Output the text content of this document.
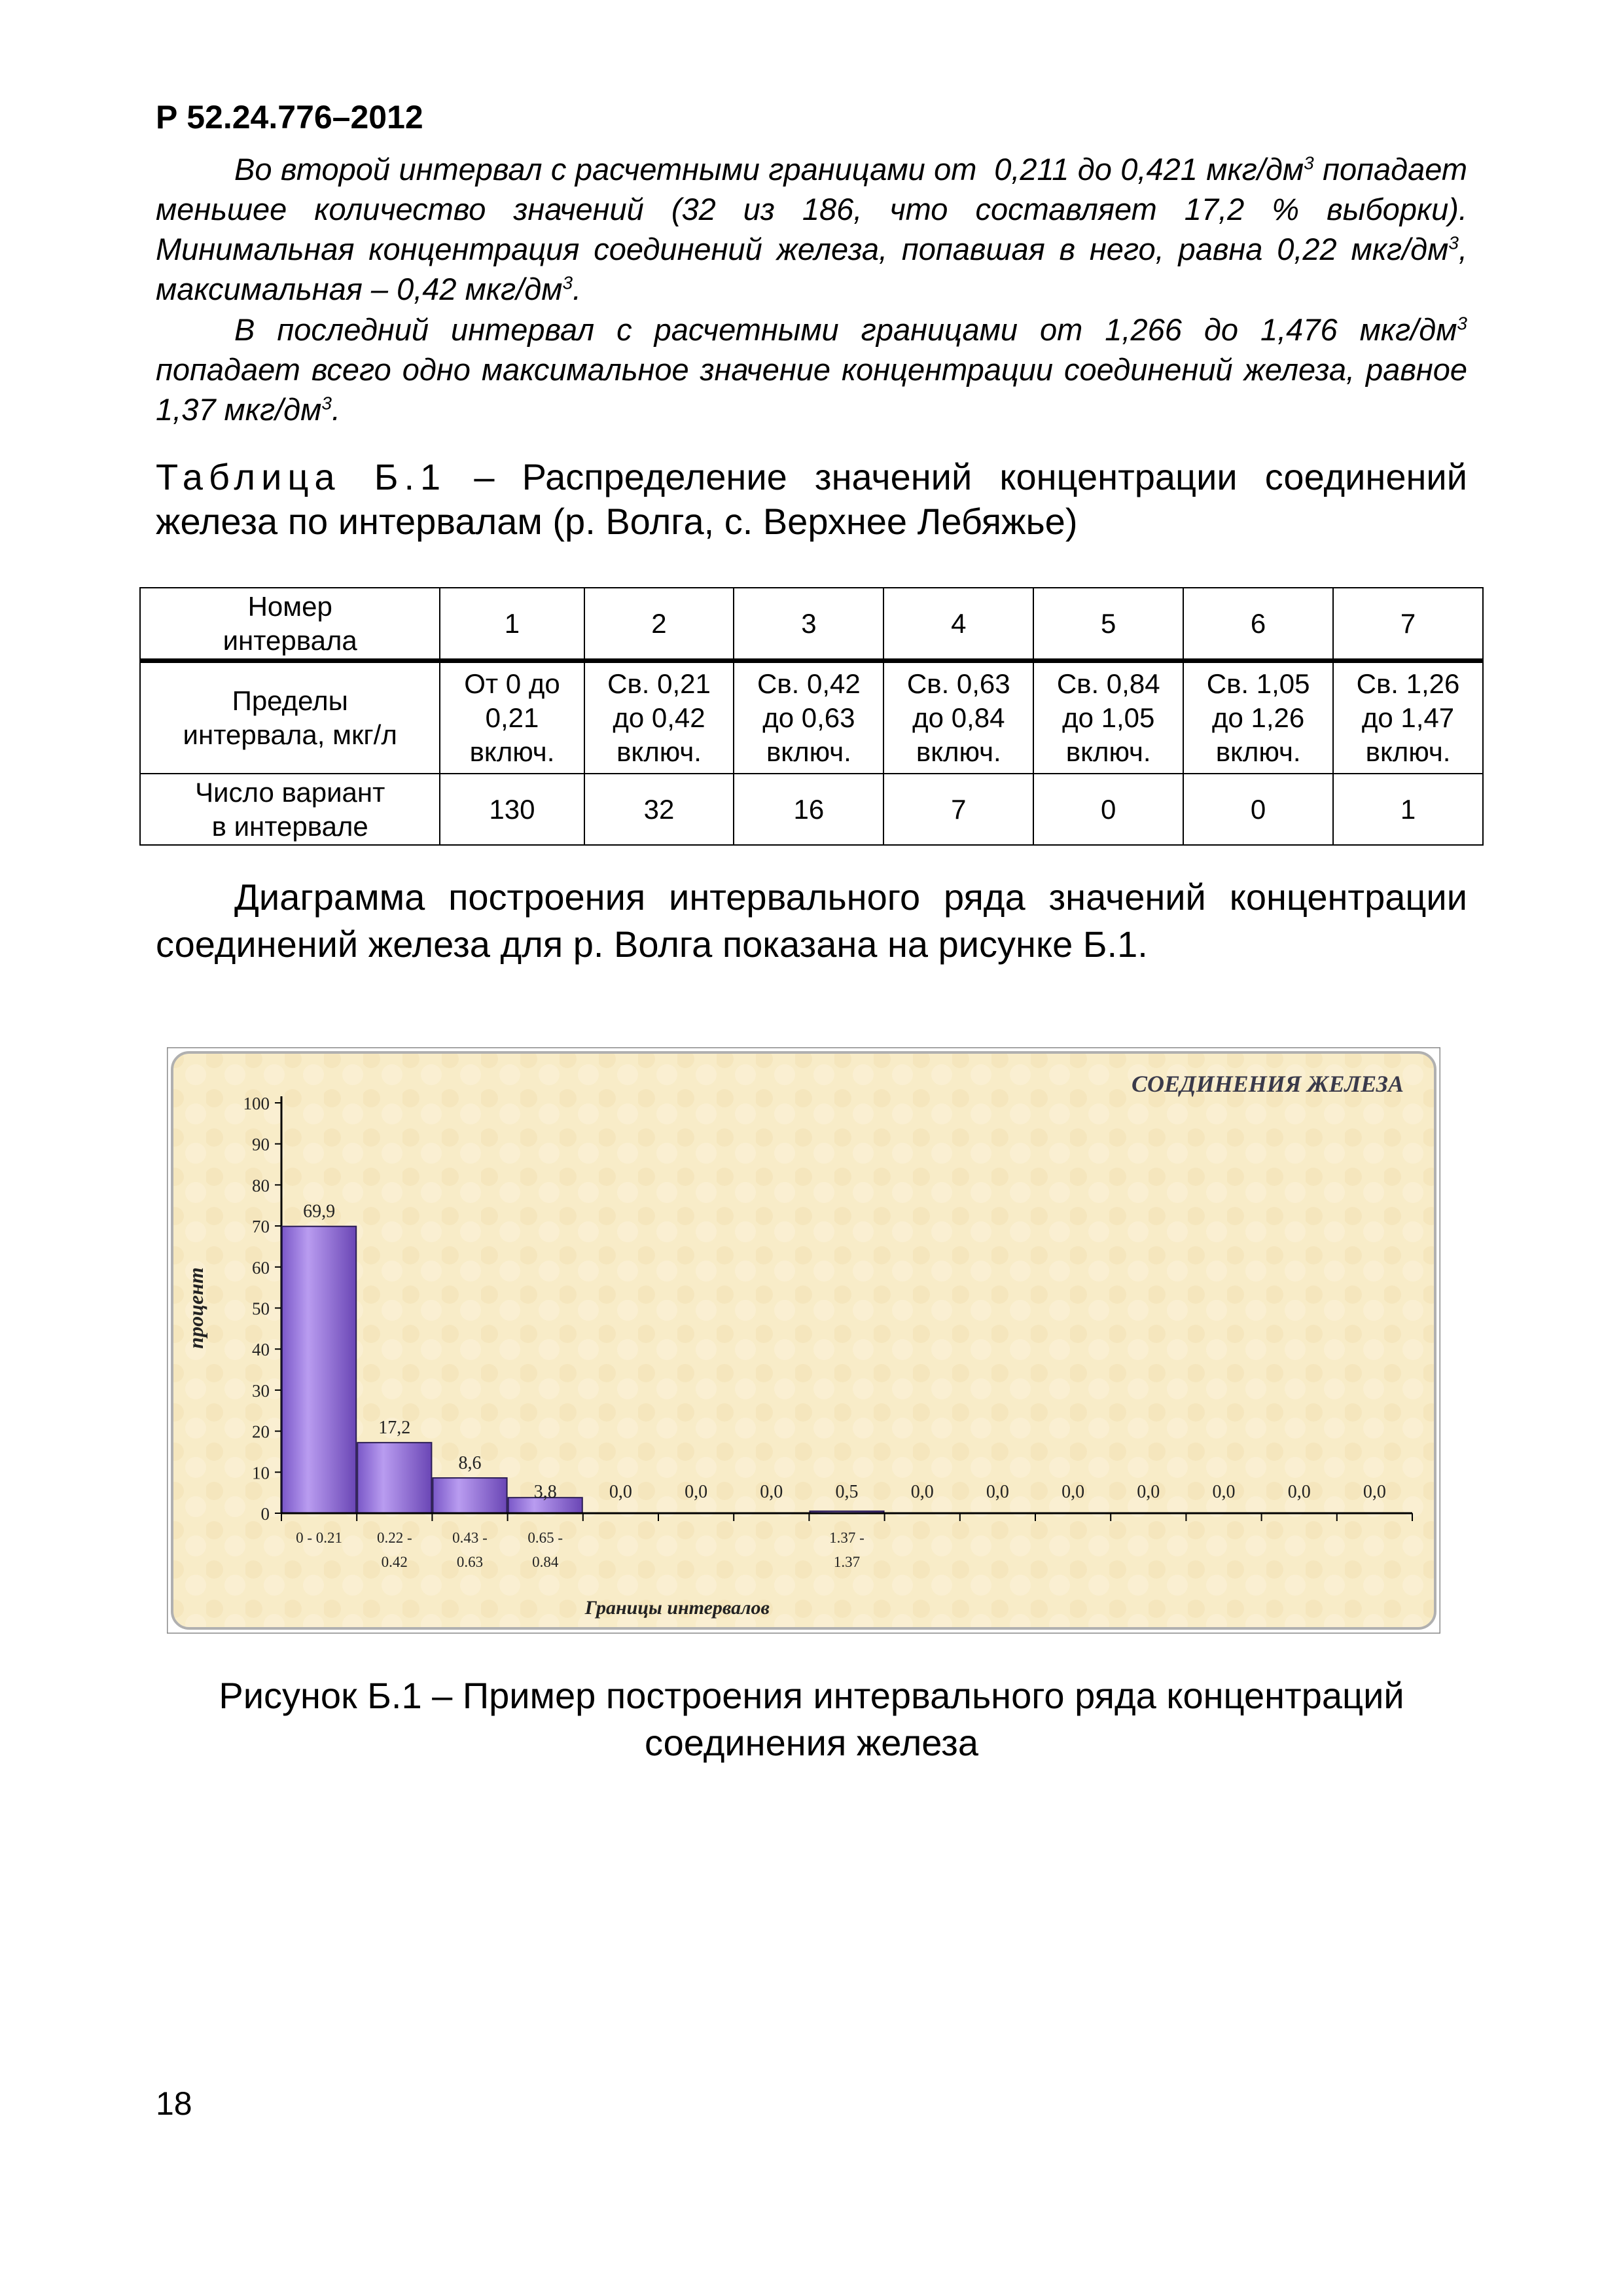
Р 52.24.776–2012
Во второй интервал с расчетными границами от  0,211 до 0,421 мкг/$дм^3$ попадает меньшее количество значений (32 из 186, что составляет 17,2 % выборки). Минимальная концентрация соединений железа, попавшая в него, равна 0,22 мкг/$дм^3$, максимальная – 0,42 мкг/$дм^3$.
В последний интервал с расчетными границами от 1,266 до 1,476 мкг/$дм^3$ попадает всего одно максимальное значение концентрации соединений железа, равное 1,37 мкг/$дм^3$.
Таблица Б.1 – Распределение значений концентрации соединений железа по интервалам (р. Волга, с. Верхнее Лебяжье)
Номер
интервала	1	2	3	4	5	6	7
Пределы
интервала, мкг/л	От 0 до
0,21
включ.	Св. 0,21
до 0,42
включ.	Св. 0,42
до 0,63
включ.	Св. 0,63
до 0,84
включ.	Св. 0,84
до 1,05
включ.	Св. 1,05
до 1,26
включ.	Св. 1,26
до 1,47
включ.
Число вариант
в интервале	130	32	16	7	0	0	1
Диаграмма построения интервального ряда значений концентрации соединений железа для р. Волга показана на рисунке Б.1.
СОЕДИНЕНИЯ ЖЕЛЕЗА
0
10
20
30
40
50
60
70
80
90
100
процент
69,9
17,2
8,6
3,8	0,0	0,0	0,0	0,5	0,0	0,0	0,0	0,0	0,0	0,0	0,0
0 - 0.21 0.22 -
0.42
0.43 -
0.63
0.65 -
0.84
1.37 -
1.37
Границы интервалов
Рисунок Б.1 – Пример построения интервального ряда концентраций
соединения железа
18
